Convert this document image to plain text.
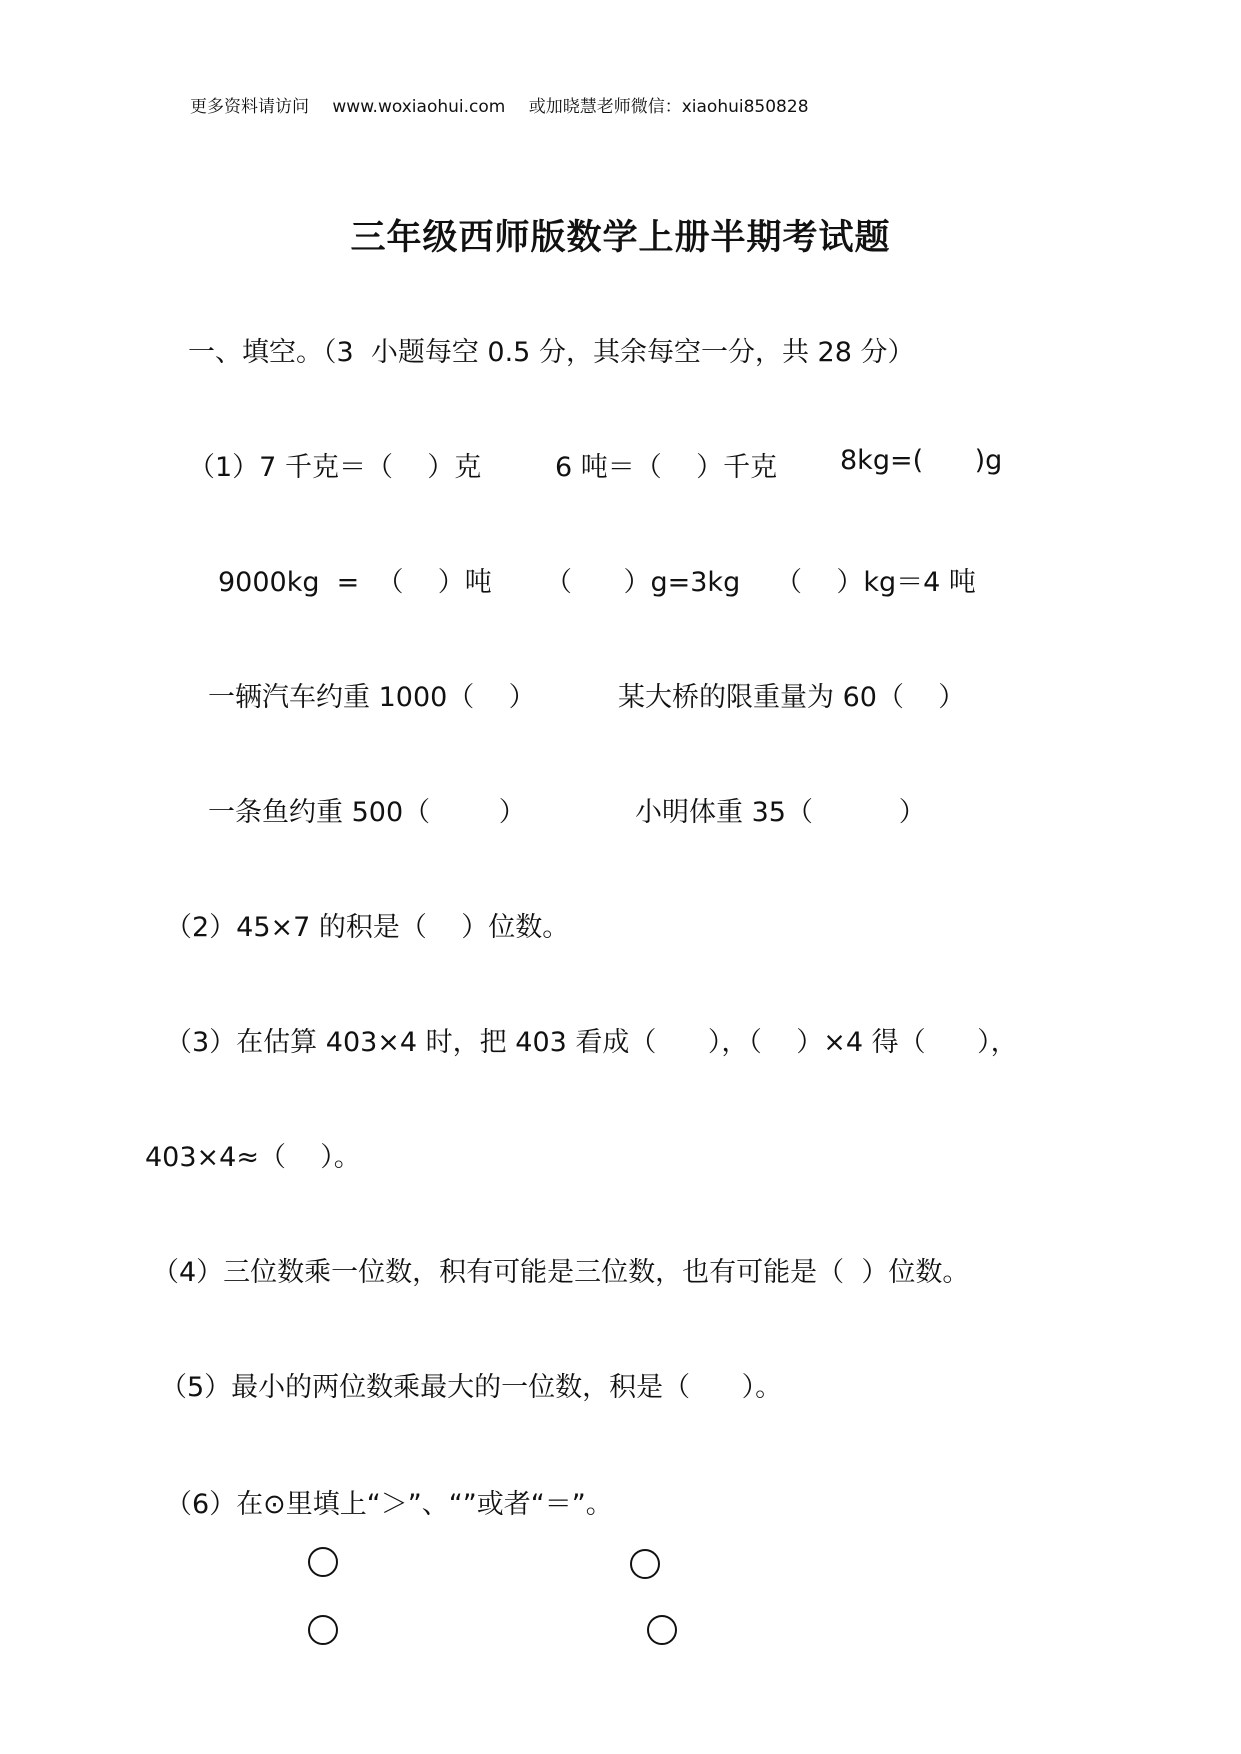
更多资料请访问 www.woxiaohui.com 或加晓慧老师微信：xiaohui850828
三年级西师版数学上册半期考试题
一、填空。（3  小题每空 0.5 分，其余每空一分，共 28 分）
（1）7 千克＝（    ）克	6 吨＝（    ）千克 8kg=(      )g
9000kg  =  （    ）吨 （      ）g=3kg （    ）kg＝4 吨
一辆汽车约重 1000（    ）	某大桥的限重量为 60（    ）
一条鱼约重 500（        ）	小明体重 35（          ）
（2）45×7 的积是（    ）位数。
（3）在估算 403×4 时，把 403 看成（      ），（    ）×4 得（      ），
403×4≈（    ）。
（4）三位数乘一位数，积有可能是三位数，也有可能是（  ）位数。
（5）最小的两位数乘最大的一位数，积是（      ）。
（6）在⊙里填上“＞”、“”或者“＝”。
